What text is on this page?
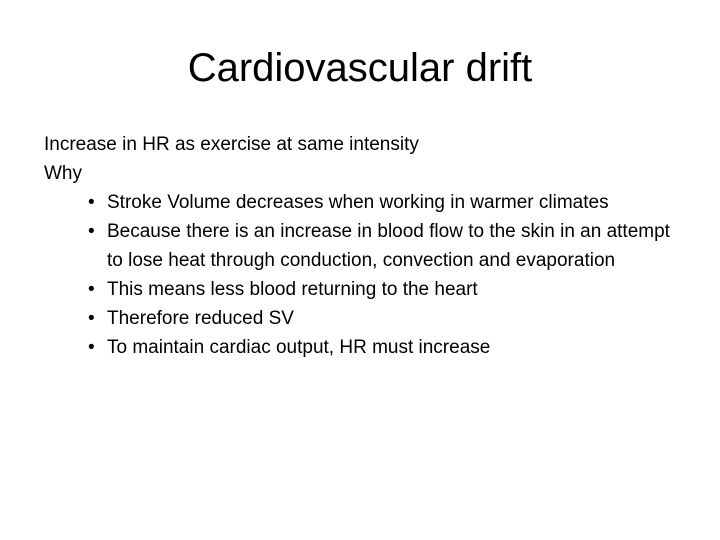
Cardiovascular drift

Increase in HR as exercise at same intensity

Why

• Stroke Volume decreases when working in warmer climates
• Because there is an increase in blood flow to the skin in an attempt to lose heat through conduction, convection and evaporation
• This means less blood returning to the heart
• Therefore reduced SV
• To maintain cardiac output, HR must increase
